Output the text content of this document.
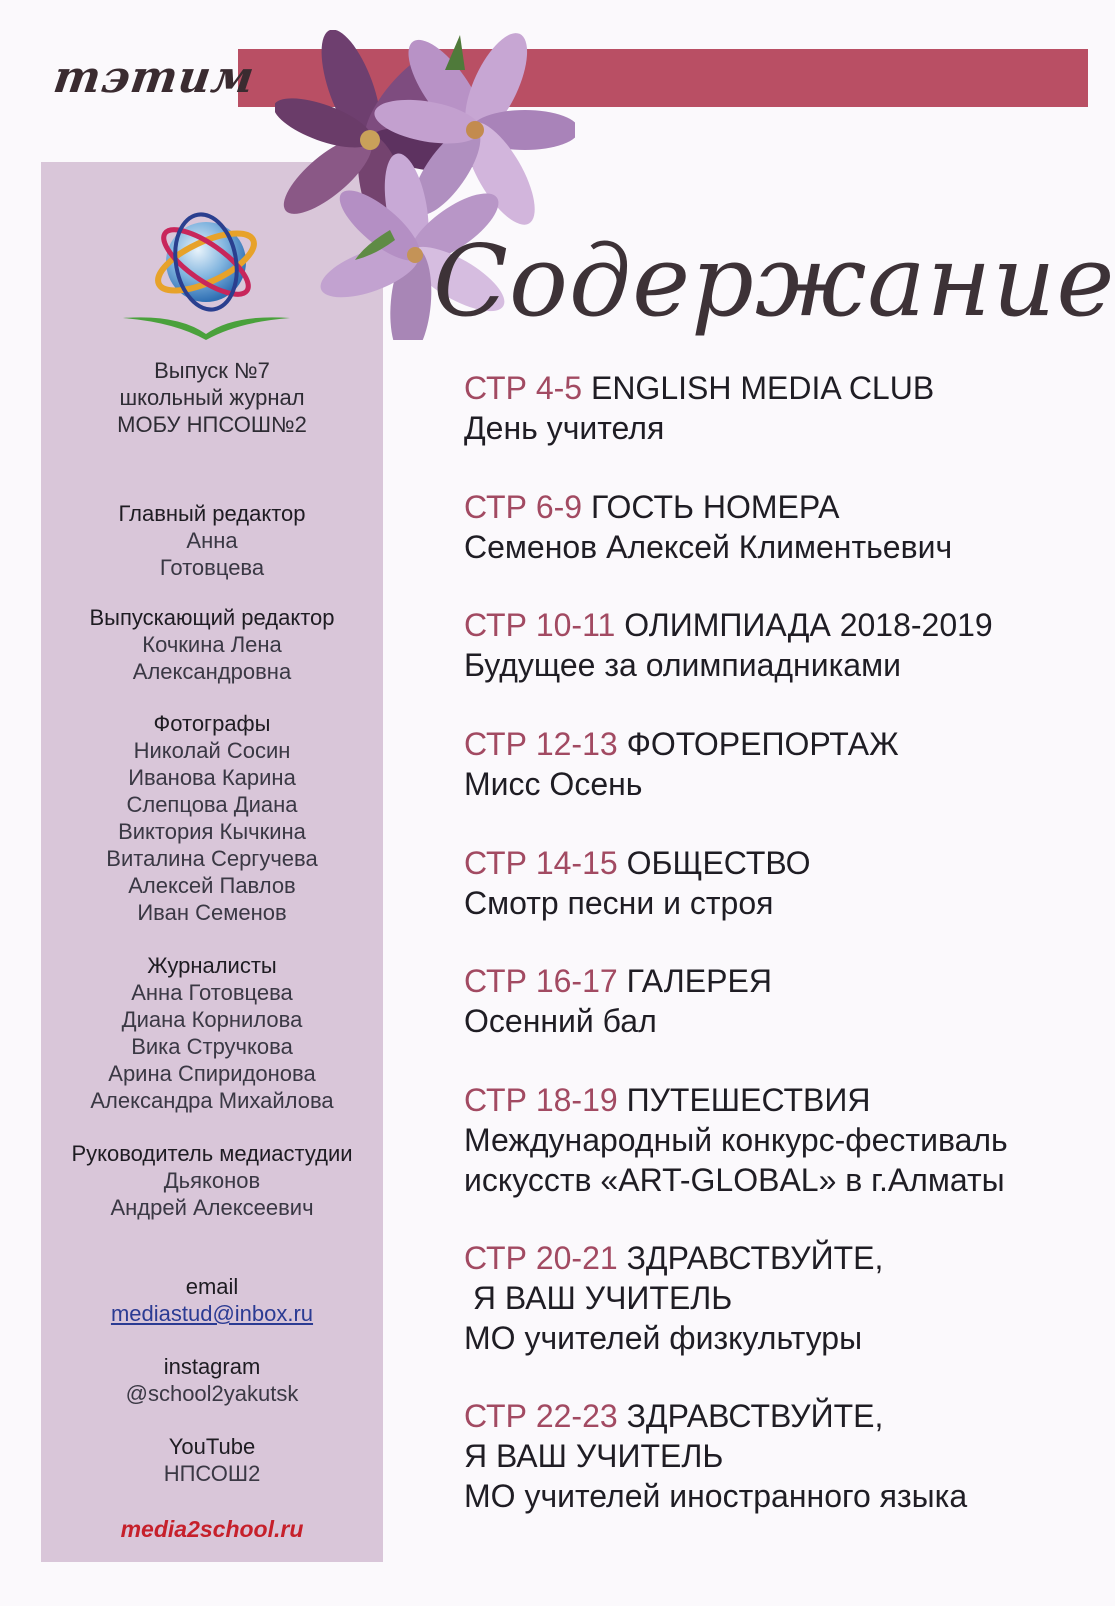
тэтим
Выпуск №7
школьный журнал
МОБУ НПСОШ№2
Главный редактор
Анна
Готовцева
Выпускающий редактор
Кочкина Лена
Александровна
Фотографы
Николай Сосин
Иванова Карина
Слепцова Диана
Виктория Кычкина
Виталина Сергучева
Алексей Павлов
Иван Семенов
Журналисты
Анна Готовцева
Диана Корнилова
Вика Стручкова
Арина Спиридонова
Александра Михайлова
Руководитель медиастудии
Дьяконов
Андрей Алексеевич
email
mediastud@inbox.ru
instagram
@school2yakutsk
YouTube
НПСОШ2
media2school.ru
Содержание
СТР 4-5 ENGLISH MEDIA CLUB
День учителя
СТР 6-9 ГОСТЬ НОМЕРА
Семенов Алексей Климентьевич
СТР 10-11 ОЛИМПИАДА 2018-2019
Будущее за олимпиадниками
СТР 12-13 ФОТОРЕПОРТАЖ
Мисс Осень
СТР 14-15 ОБЩЕСТВО
Смотр песни и строя
СТР 16-17 ГАЛЕРЕЯ
Осенний бал
СТР 18-19 ПУТЕШЕСТВИЯ
Международный конкурс-фестиваль
искусств «ART-GLOBAL» в г.Алматы
СТР 20-21 ЗДРАВСТВУЙТЕ,
Я ВАШ УЧИТЕЛЬ
МО учителей физкультуры
СТР 22-23 ЗДРАВСТВУЙТЕ,
Я ВАШ УЧИТЕЛЬ
МО учителей иностранного языка
